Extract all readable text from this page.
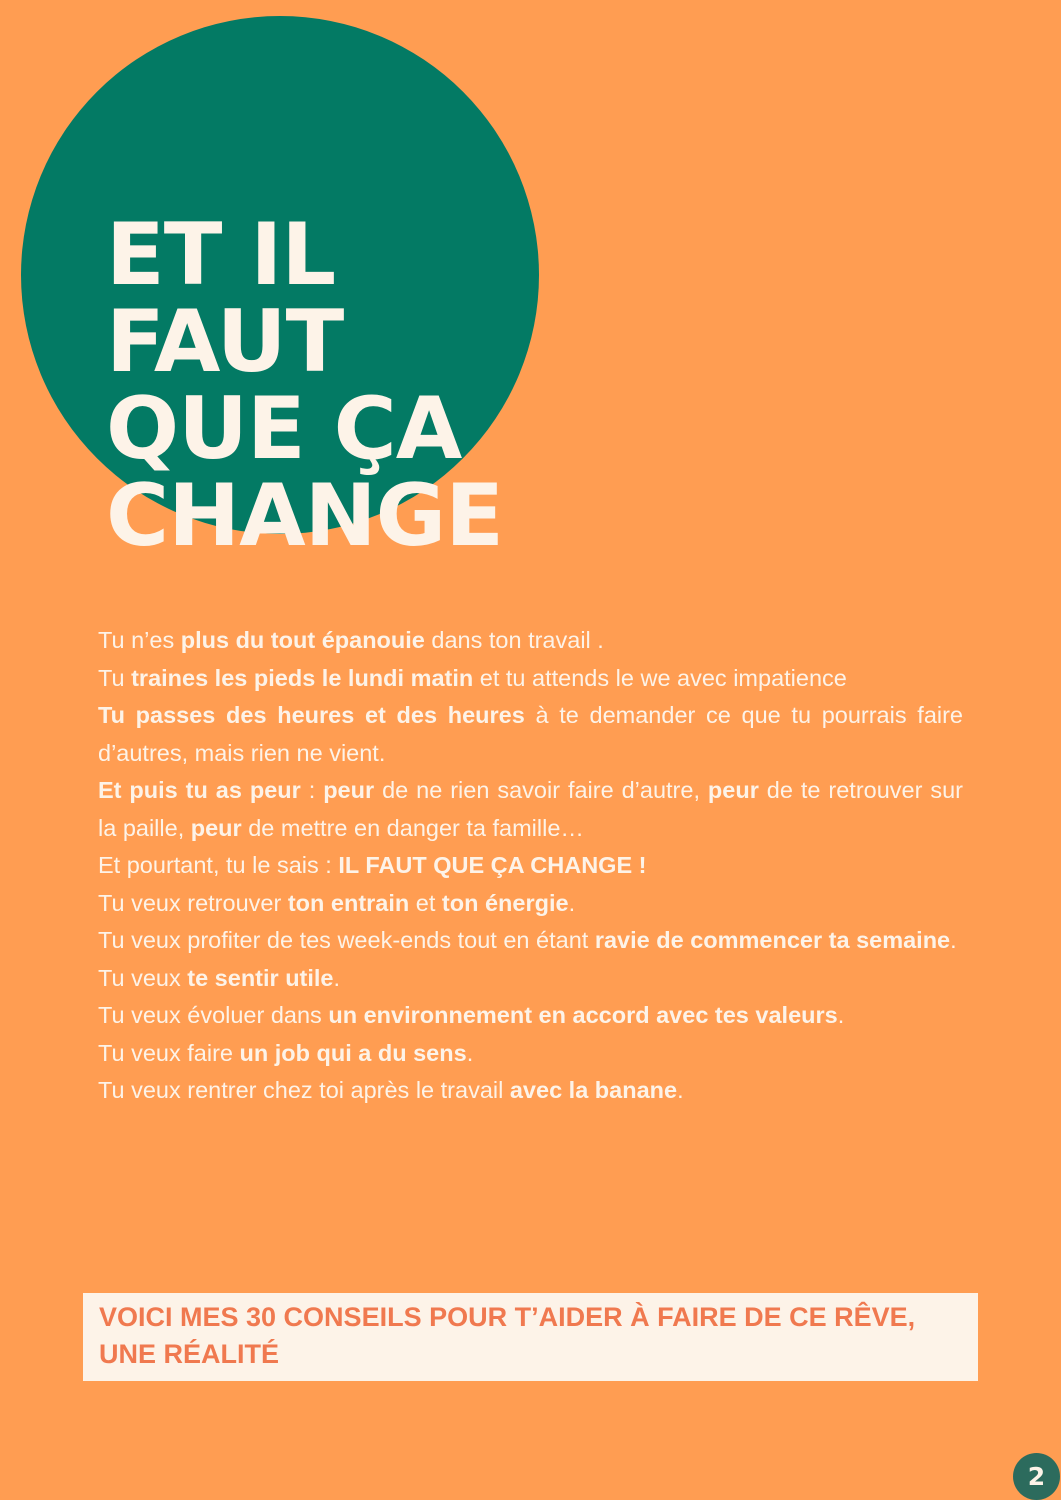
ET IL
FAUT
QUE ÇA
CHANGE

Tu n’es plus du tout épanouie dans ton travail .

Tu traines les pieds le lundi matin et tu attends le we avec impatience

Tu passes des heures et des heures à te demander ce que tu pourrais faire d’autres, mais rien ne vient.

Et puis tu as peur : peur de ne rien savoir faire d’autre, peur de te retrouver sur la paille, peur de mettre en danger ta famille…

Et pourtant, tu le sais : IL FAUT QUE ÇA CHANGE !

Tu veux retrouver ton entrain et ton énergie.

Tu veux profiter de tes week-ends tout en étant ravie de commencer ta semaine.

Tu veux te sentir utile.

Tu veux évoluer dans un environnement en accord avec tes valeurs.

Tu veux faire un job qui a du sens.

Tu veux rentrer chez toi après le travail avec la banane.

VOICI MES 30 CONSEILS POUR T’AIDER À FAIRE DE CE RÊVE, UNE RÉALITÉ
2
